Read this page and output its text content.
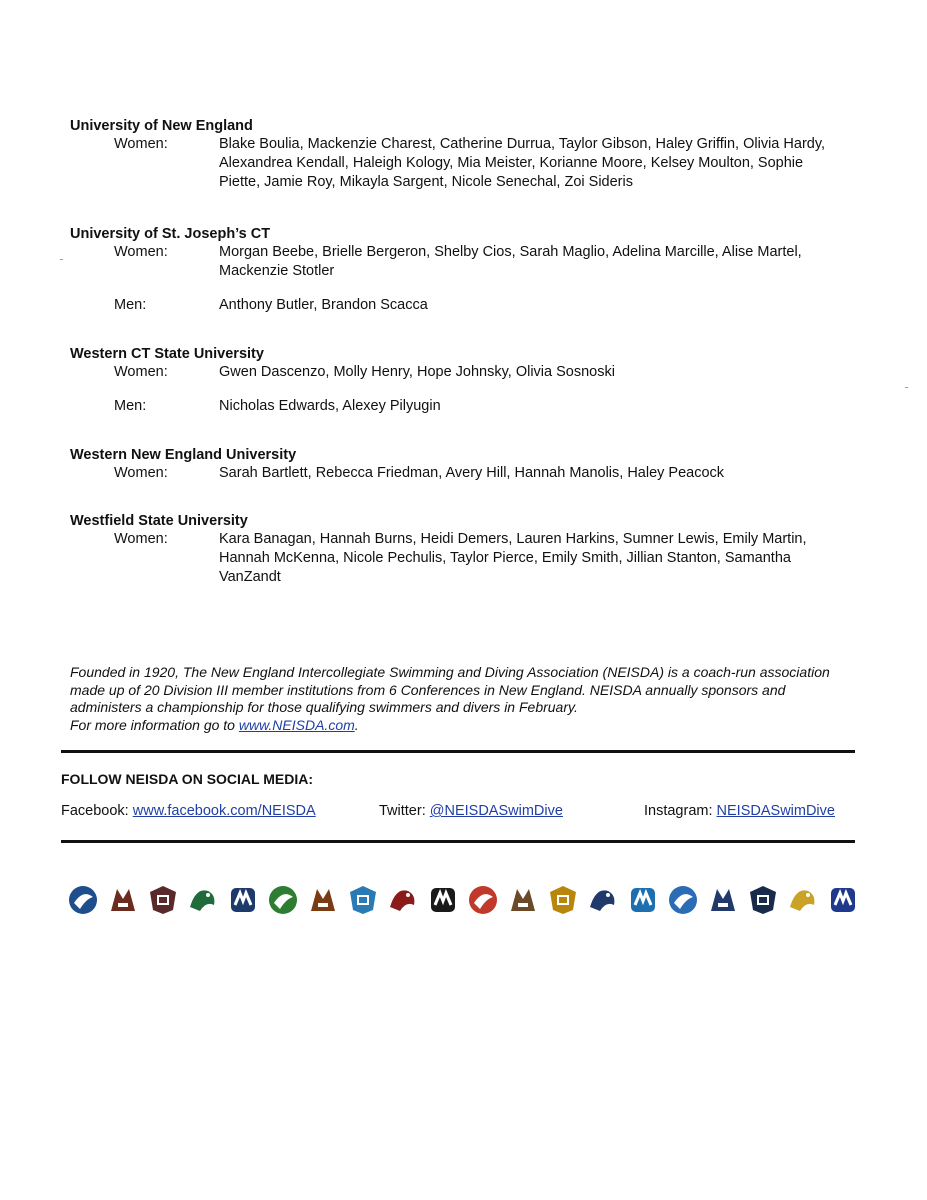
University of New England
Women:	Blake Boulia, Mackenzie Charest, Catherine Durrua, Taylor Gibson, Haley Griffin, Olivia Hardy, Alexandrea Kendall, Haleigh Kology, Mia Meister, Korianne Moore, Kelsey Moulton, Sophie Piette, Jamie Roy, Mikayla Sargent, Nicole Senechal, Zoi Sideris
University of St. Joseph’s CT
Women:	Morgan Beebe, Brielle Bergeron, Shelby Cios, Sarah Maglio, Adelina Marcille, Alise Martel, Mackenzie Stotler
Men:	Anthony Butler, Brandon Scacca
Western CT State University
Women:	Gwen Dascenzo, Molly Henry, Hope Johnsky, Olivia Sosnoski
Men:	Nicholas Edwards, Alexey Pilyugin
Western New England University
Women:	Sarah Bartlett, Rebecca Friedman, Avery Hill, Hannah Manolis, Haley Peacock
Westfield State University
Women:	Kara Banagan, Hannah Burns, Heidi Demers, Lauren Harkins, Sumner Lewis, Emily Martin, Hannah McKenna, Nicole Pechulis, Taylor Pierce, Emily Smith, Jillian Stanton, Samantha VanZandt
Founded in 1920, The New England Intercollegiate Swimming and Diving Association (NEISDA) is a coach-run association made up of 20 Division III member institutions from 6 Conferences in New England. NEISDA annually sponsors and administers a championship for those qualifying swimmers and divers in February.
For more information go to www.NEISDA.com.
FOLLOW NEISDA ON SOCIAL MEDIA:
Facebook: www.facebook.com/NEISDA	Twitter: @NEISDASwimDive	Instagram: NEISDASwimDive
